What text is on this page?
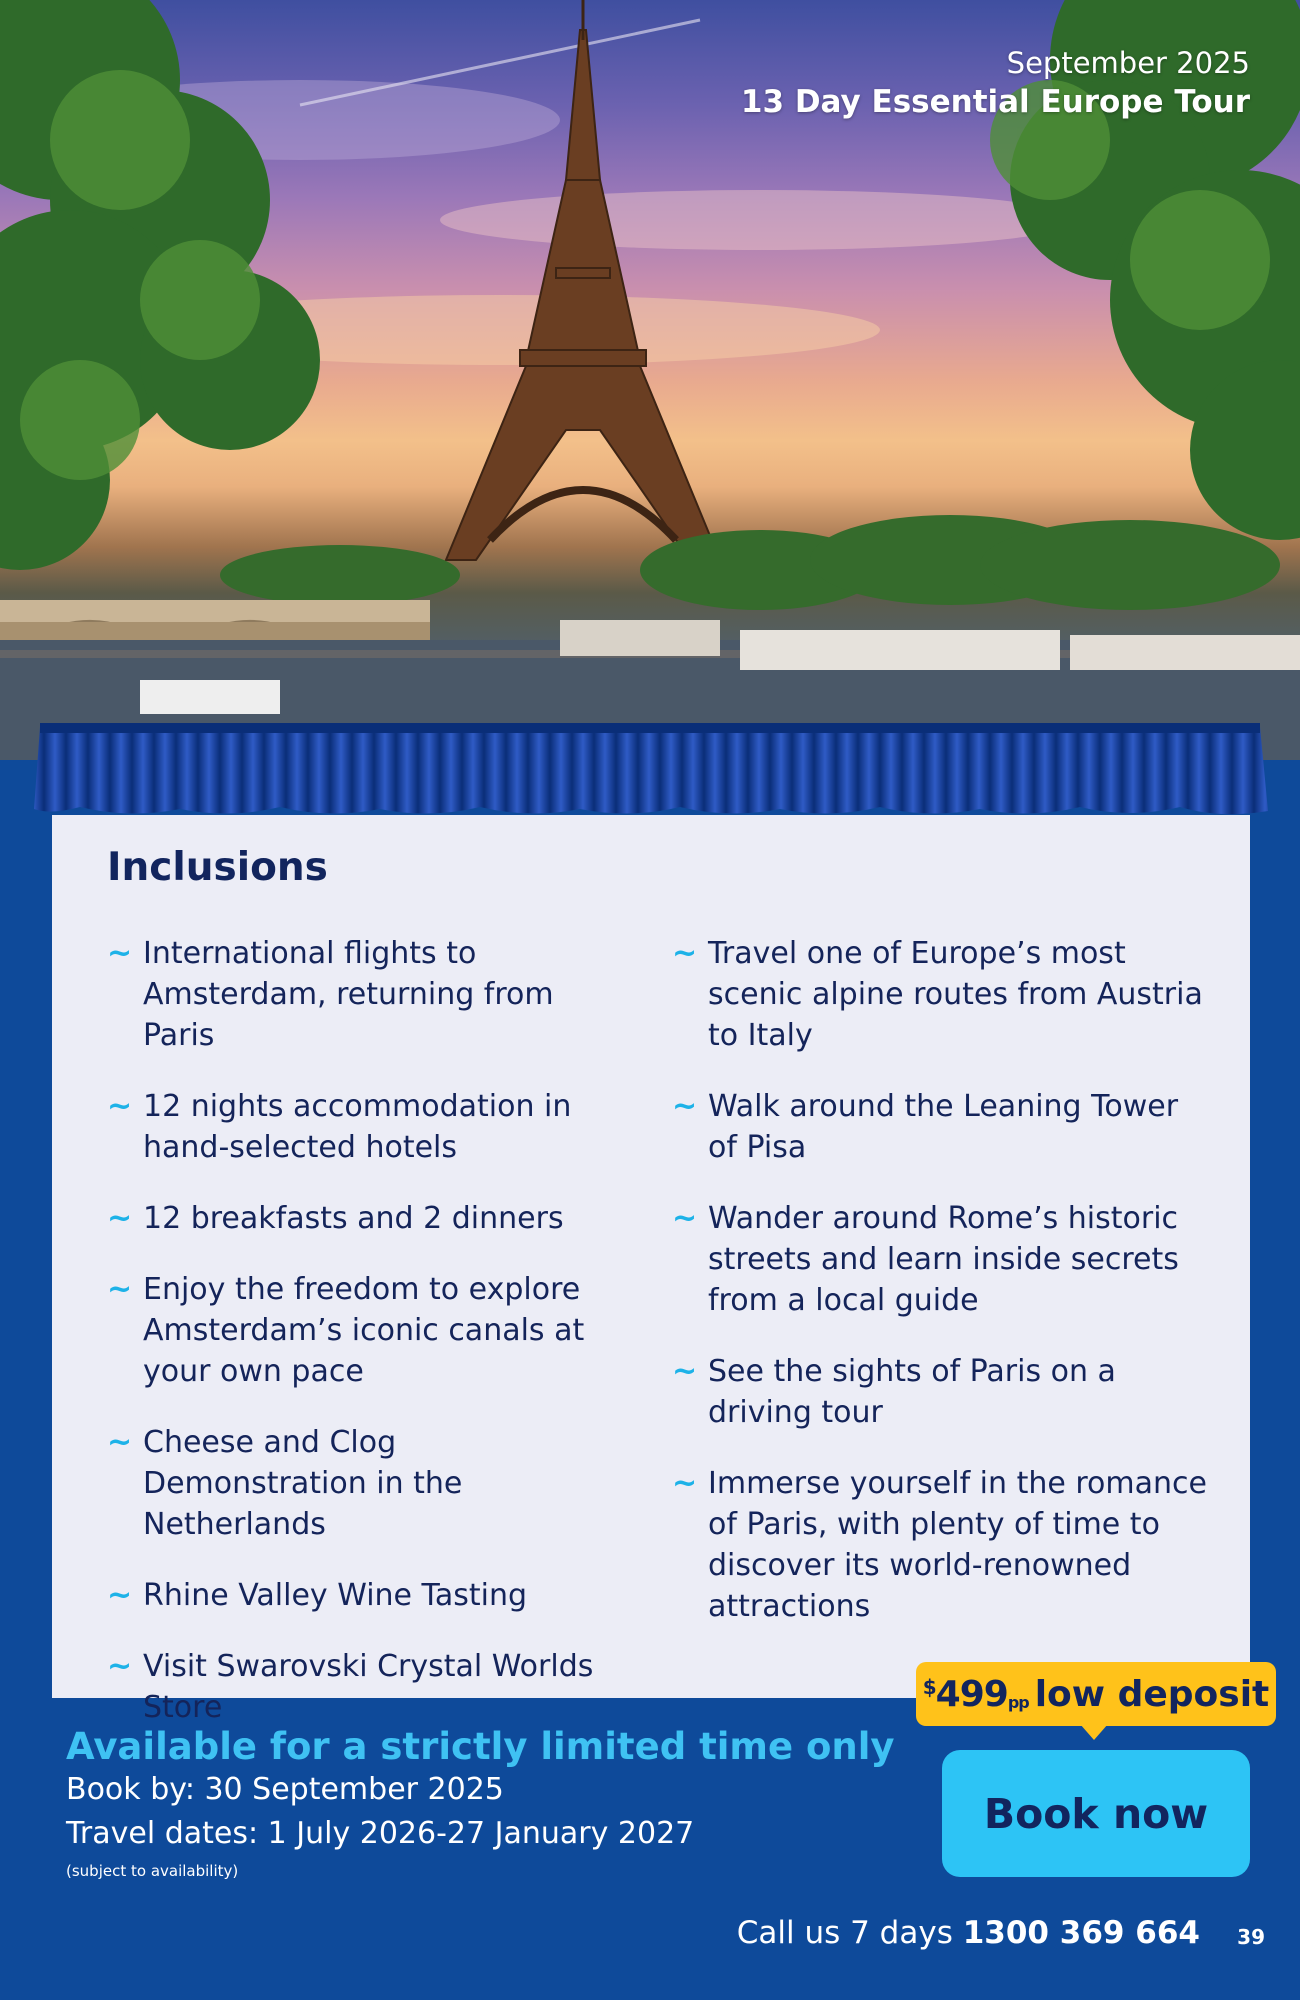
September 2025
13 Day Essential Europe Tour
Inclusions
~ International flights to Amsterdam, returning from Paris
~ 12 nights accommodation in hand-selected hotels
~ 12 breakfasts and 2 dinners
~ Enjoy the freedom to explore Amsterdam’s iconic canals at your own pace
~ Cheese and Clog Demonstration in the Netherlands
~ Rhine Valley Wine Tasting
~ Visit Swarovski Crystal Worlds Store
~ Travel one of Europe’s most scenic alpine routes from Austria to Italy
~ Walk around the Leaning Tower of Pisa
~ Wander around Rome’s historic streets and learn inside secrets from a local guide
~ See the sights of Paris on a driving tour
~ Immerse yourself in the romance of Paris, with plenty of time to discover its world-renowned attractions
$^{\$}499_{pp}$ low deposit
Available for a strictly limited time only
Book by: 30 September 2025
Travel dates: 1 July 2026-27 January 2027
(subject to availability)
Book now
Call us 7 days 1300 369 664 39
